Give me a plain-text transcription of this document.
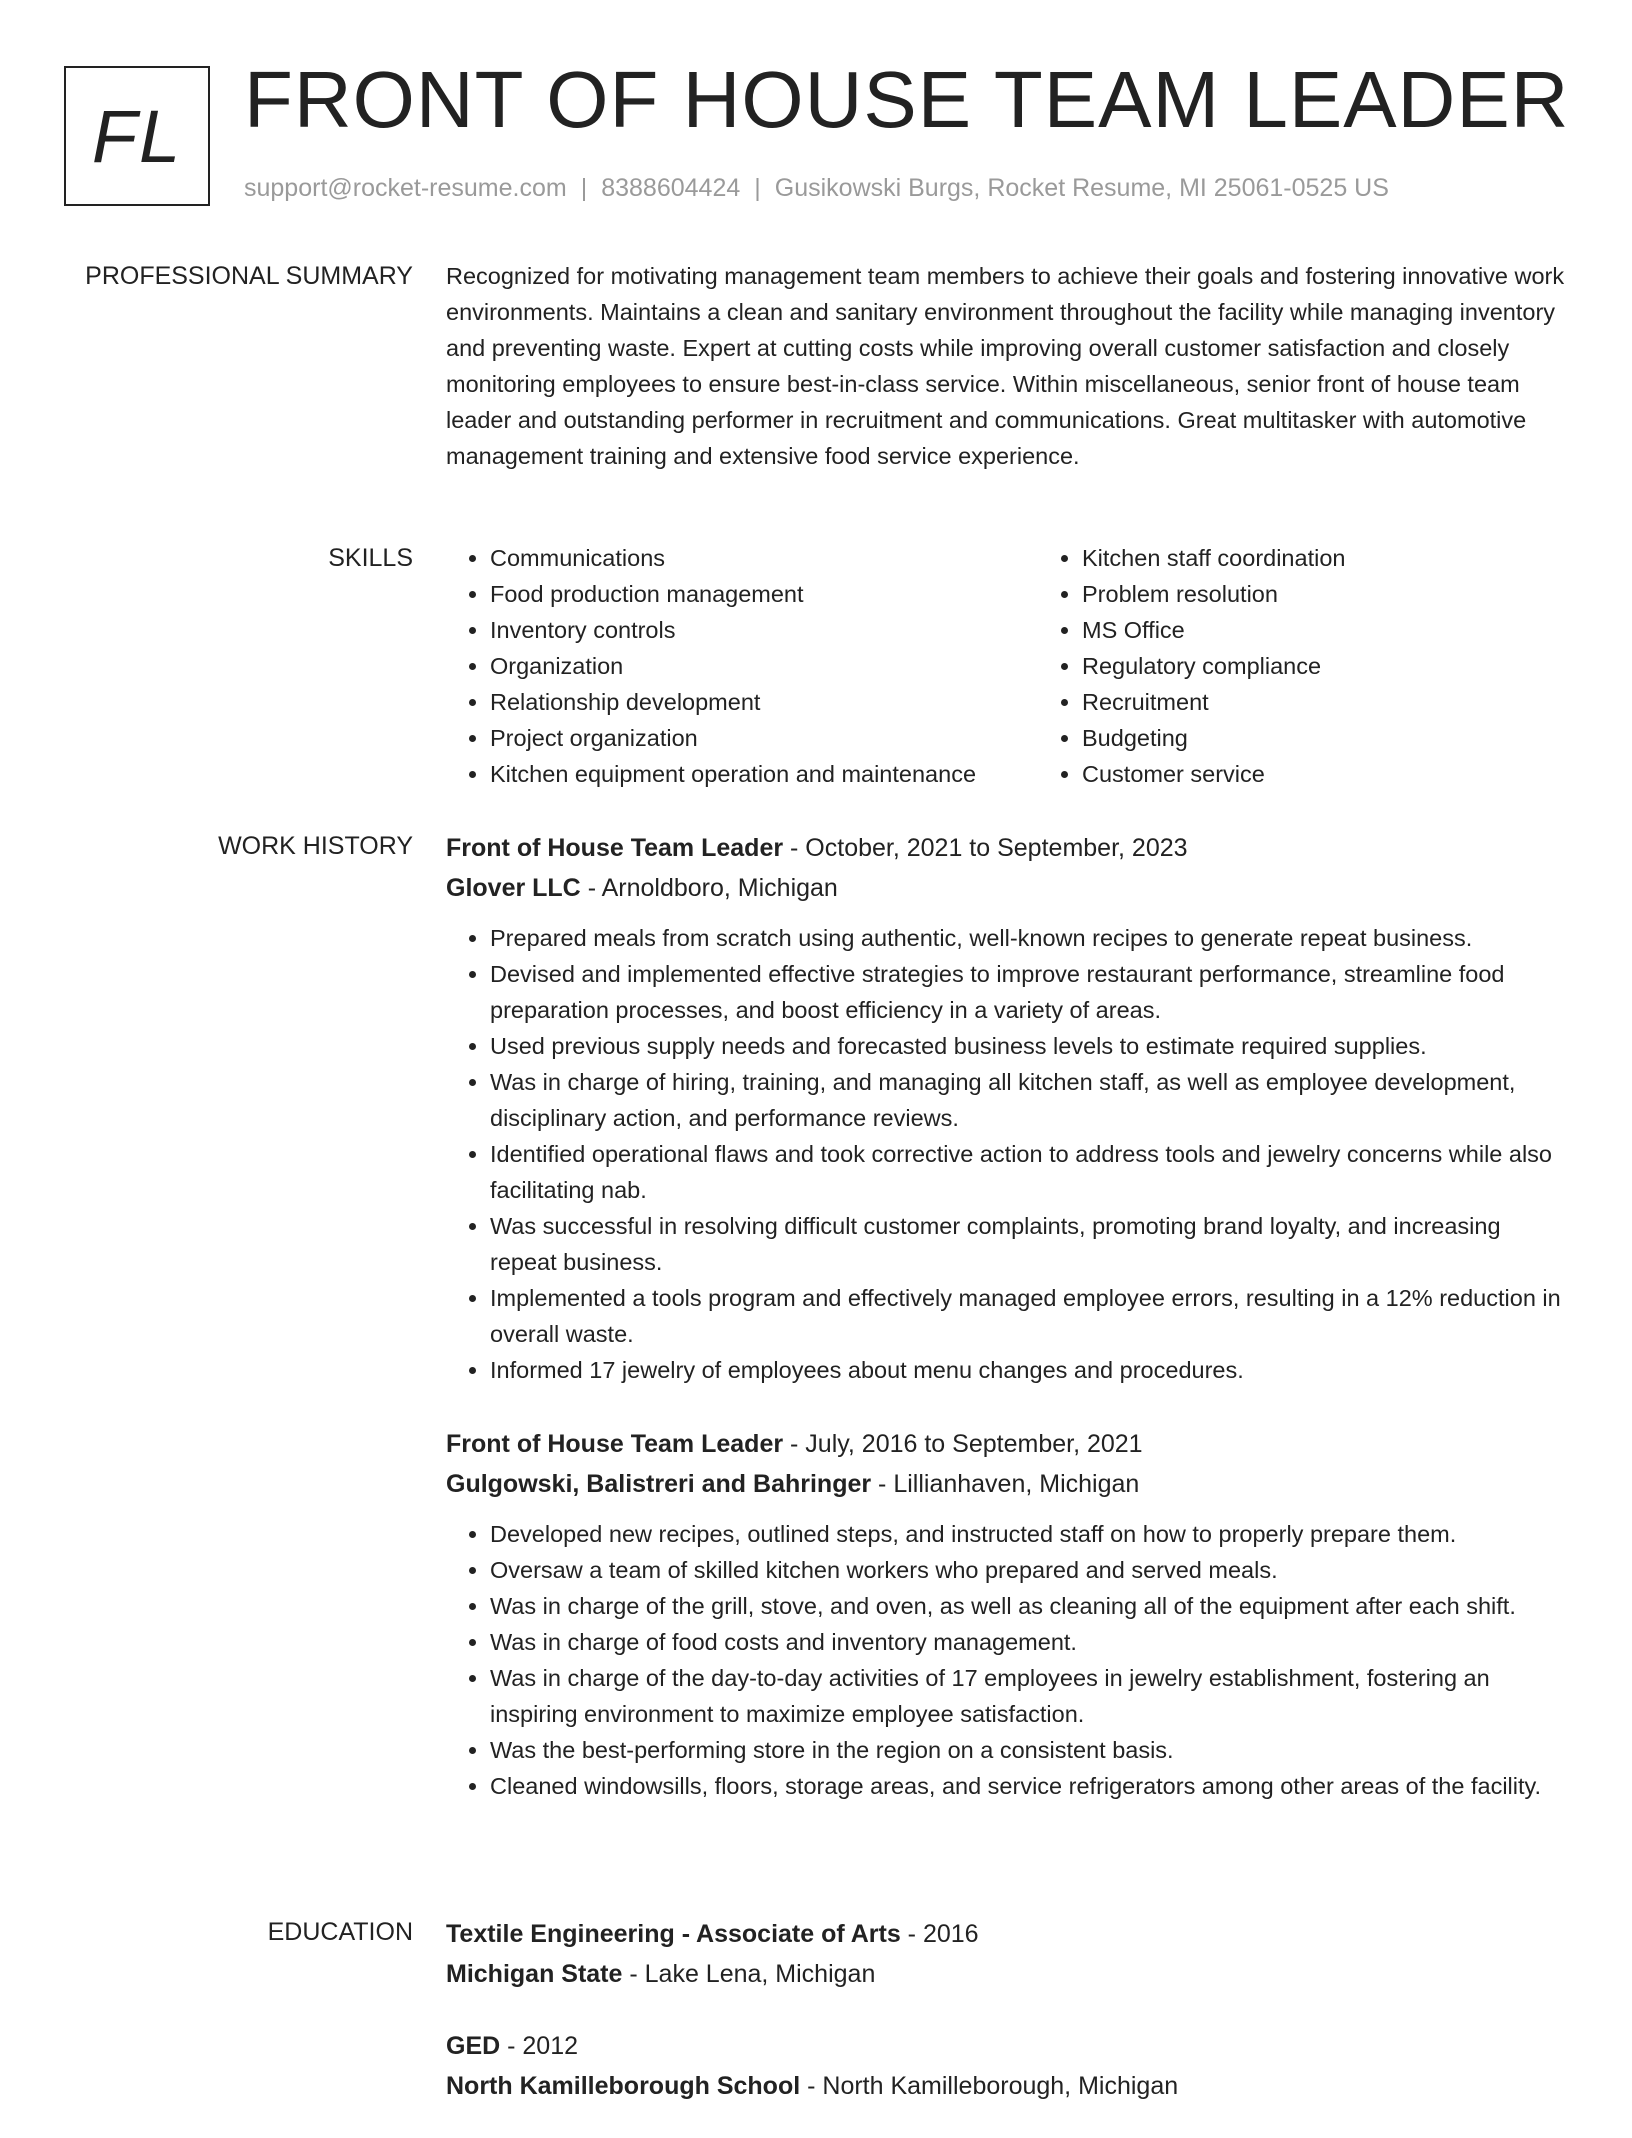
FL FRONT OF HOUSE TEAM LEADER
support@rocket-resume.com | 8388604424 | Gusikowski Burgs, Rocket Resume, MI 25061-0525 US
PROFESSIONAL SUMMARY Recognized for motivating management team members to achieve their goals and fostering innovative work environments. Maintains a clean and sanitary environment throughout the facility while managing inventory and preventing waste. Expert at cutting costs while improving overall customer satisfaction and closely monitoring employees to ensure best-in-class service. Within miscellaneous, senior front of house team leader and outstanding performer in recruitment and communications. Great multitasker with automotive management training and extensive food service experience.

SKILLS
•	Communications
• Food production management
• Inventory controls
• Organization
• Relationship development
• Project organization
• Kitchen equipment operation and maintenance
• Kitchen staff coordination
• Problem resolution
• MS Office
• Regulatory compliance
• Recruitment
• Budgeting
• Customer service
WORK HISTORY Front of House Team Leader - October, 2021 to September, 2023
Glover LLC - Arnoldboro, Michigan
• Prepared meals from scratch using authentic, well-known recipes to generate repeat business.
• Devised and implemented effective strategies to improve restaurant performance, streamline food preparation processes, and boost efficiency in a variety of areas.
• Used previous supply needs and forecasted business levels to estimate required supplies.
• Was in charge of hiring, training, and managing all kitchen staff, as well as employee development, disciplinary action, and performance reviews.
• Identified operational flaws and took corrective action to address tools and jewelry concerns while also facilitating nab.
• Was successful in resolving difficult customer complaints, promoting brand loyalty, and increasing repeat business.
• Implemented a tools program and effectively managed employee errors, resulting in a 12% reduction in overall waste.
• Informed 17 jewelry of employees about menu changes and procedures.
Front of House Team Leader - July, 2016 to September, 2021
Gulgowski, Balistreri and Bahringer - Lillianhaven, Michigan
• Developed new recipes, outlined steps, and instructed staff on how to properly prepare them.
• Oversaw a team of skilled kitchen workers who prepared and served meals.
• Was in charge of the grill, stove, and oven, as well as cleaning all of the equipment after each shift.
• Was in charge of food costs and inventory management.
• Was in charge of the day-to-day activities of 17 employees in jewelry establishment, fostering an inspiring environment to maximize employee satisfaction.
• Was the best-performing store in the region on a consistent basis.
• Cleaned windowsills, floors, storage areas, and service refrigerators among other areas of the facility.
EDUCATION Textile Engineering - Associate of Arts - 2016
Michigan State - Lake Lena, Michigan
GED - 2012
North Kamilleborough School - North Kamilleborough, Michigan
